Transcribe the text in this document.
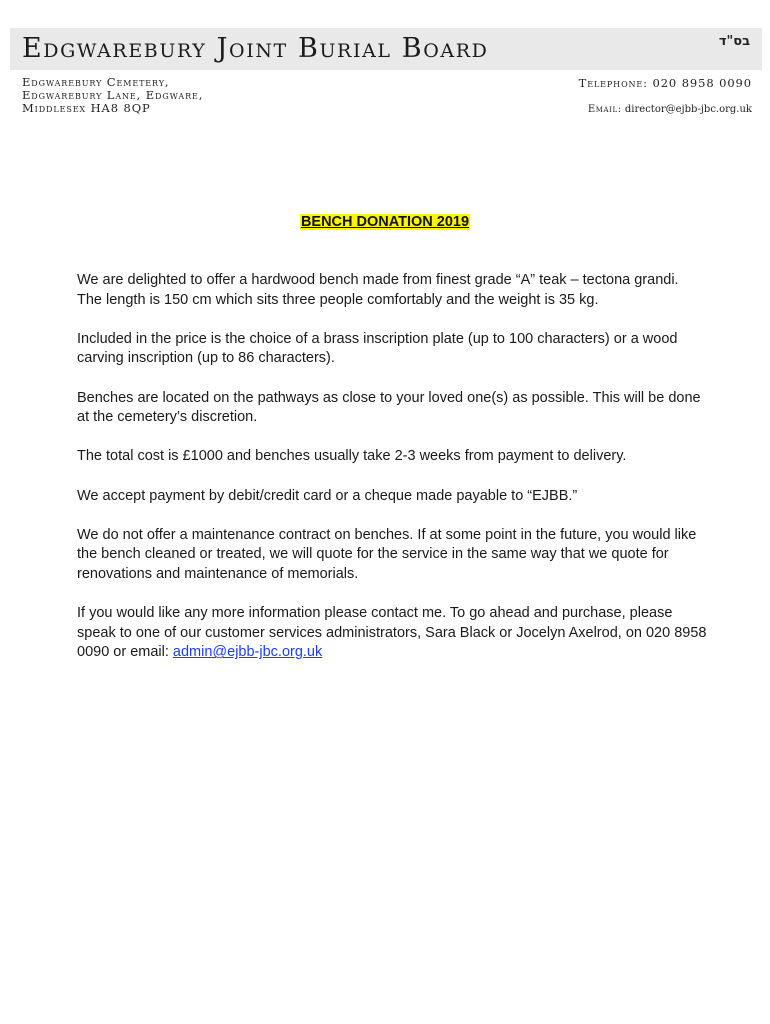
Edgwarebury Joint Burial Board	בס"ד
Edgwarebury Cemetery,
Edgwarebury Lane, Edgware,
Middlesex HA8 8QP
Telephone: 020 8958 0090
Email: director@ejbb-jbc.org.uk
BENCH DONATION 2019

We are delighted to offer a hardwood bench made from finest grade “A” teak – tectona grandi. The length is 150 cm which sits three people comfortably and the weight is 35 kg.

Included in the price is the choice of a brass inscription plate (up to 100 characters) or a wood carving inscription (up to 86 characters).

Benches are located on the pathways as close to your loved one(s) as possible. This will be done at the cemetery’s discretion.

The total cost is £1000 and benches usually take 2-3 weeks from payment to delivery.

We accept payment by debit/credit card or a cheque made payable to “EJBB.”

We do not offer a maintenance contract on benches. If at some point in the future, you would like the bench cleaned or treated, we will quote for the service in the same way that we quote for renovations and maintenance of memorials.

If you would like any more information please contact me. To go ahead and purchase, please speak to one of our customer services administrators, Sara Black or Jocelyn Axelrod, on 020 8958 0090 or email: admin@ejbb-jbc.org.uk
